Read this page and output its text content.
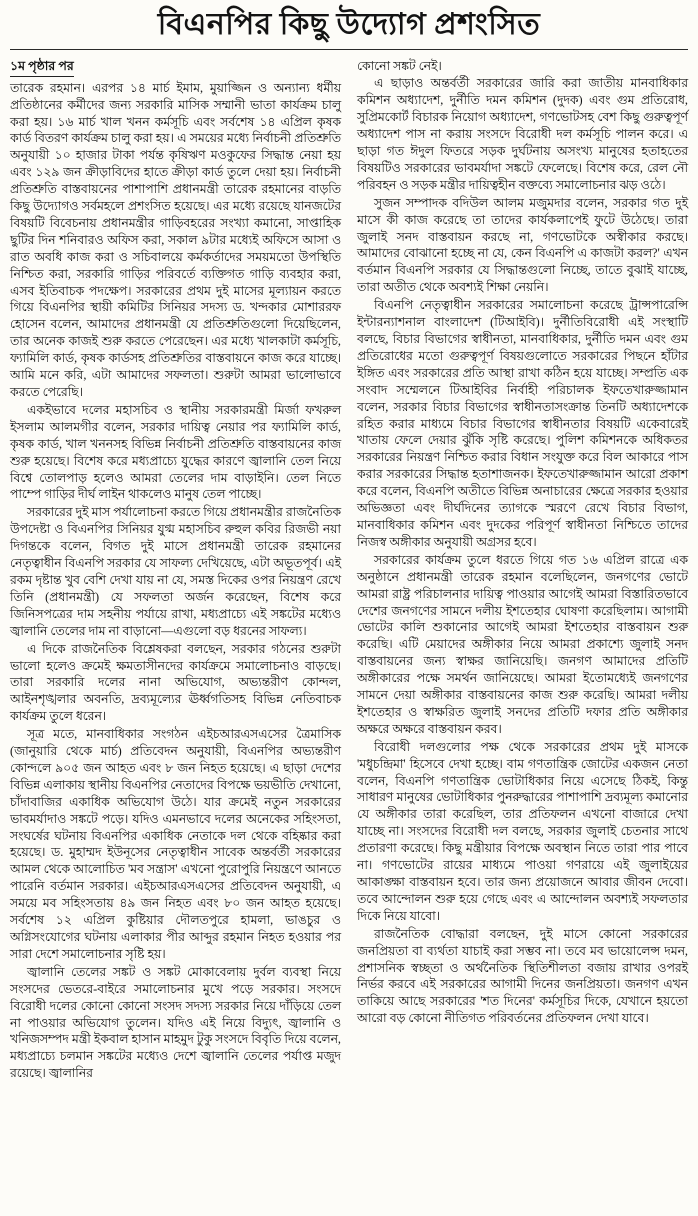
বিএনপির কিছু উদ্যোগ প্রশংসিত
১ম পৃষ্ঠার পর

তারেক রহমান। এরপর ১৪ মার্চ ইমাম, মুয়াজ্জিন ও অন্যান্য ধর্মীয় প্রতিষ্ঠানের কর্মীদের জন্য সরকারি মাসিক সম্মানী ভাতা কার্যক্রম চালু করা হয়। ১৬ মার্চ খাল খনন কর্মসূচি এবং সর্বশেষ ১৪ এপ্রিল কৃষক কার্ড বিতরণ কার্যক্রম চালু করা হয়। এ সময়ের মধ্যে নির্বাচনী প্রতিশ্রুতি অনুযায়ী ১০ হাজার টাকা পর্যন্ত কৃষিঋণ মওকুফের সিদ্ধান্ত নেয়া হয় এবং ১২৯ জন ক্রীড়াবিদের হাতে ক্রীড়া কার্ড তুলে দেয়া হয়। নির্বাচনী প্রতিশ্রুতি বাস্তবায়নের পাশাপাশি প্রধানমন্ত্রী তারেক রহমানের বাড়তি কিছু উদ্যোগও সর্বমহলে প্রশংসিত হয়েছে। এর মধ্যে রয়েছে যানজটের বিষয়টি বিবেচনায় প্রধানমন্ত্রীর গাড়িবহরের সংখ্যা কমানো, সাপ্তাহিক ছুটির দিন শনিবারও অফিস করা, সকাল ৯টার মধ্যেই অফিসে আসা ও রাত অবধি কাজ করা ও সচিবালয়ে কর্মকর্তাদের সময়মতো উপস্থিতি নিশ্চিত করা, সরকারি গাড়ির পরিবর্তে ব্যক্তিগত গাড়ি ব্যবহার করা, এসব ইতিবাচক পদক্ষেপ। সরকারের প্রথম দুই মাসের মূল্যায়ন করতে গিয়ে বিএনপির স্থায়ী কমিটির সিনিয়র সদস্য ড. খন্দকার মোশাররফ হোসেন বলেন, আমাদের প্রধানমন্ত্রী যে প্রতিশ্রুতিগুলো দিয়েছিলেন, তার অনেক কাজই শুরু করতে পেরেছেন। এর মধ্যে খালকাটা কর্মসূচি, ফ্যামিলি কার্ড, কৃষক কার্ডসহ প্রতিশ্রুতির বাস্তবায়নে কাজ করে যাচ্ছে। আমি মনে করি, এটা আমাদের সফলতা। শুরুটা আমরা ভালোভাবে করতে পেরেছি।

একইভাবে দলের মহাসচিব ও স্থানীয় সরকারমন্ত্রী মির্জা ফখরুল ইসলাম আলমগীর বলেন, সরকার দায়িত্ব নেয়ার পর ফ্যামিলি কার্ড, কৃষক কার্ড, খাল খননসহ বিভিন্ন নির্বাচনী প্রতিশ্রুতি বাস্তবায়নের কাজ শুরু হয়েছে। বিশেষ করে মধ্যপ্রাচ্যে যুদ্ধের কারণে জ্বালানি তেল নিয়ে বিশ্বে তোলপাড় হলেও আমরা তেলের দাম বাড়াইনি। তেল নিতে পাম্পে গাড়ির দীর্ঘ লাইন থাকলেও মানুষ তেল পাচ্ছে।

সরকারের দুই মাস পর্যালোচনা করতে গিয়ে প্রধানমন্ত্রীর রাজনৈতিক উপদেষ্টা ও বিএনপির সিনিয়র যুগ্ম মহাসচিব রুহুল কবির রিজভী নয়া দিগন্তকে বলেন, বিগত দুই মাসে প্রধানমন্ত্রী তারেক রহমানের নেতৃত্বাধীন বিএনপি সরকার যে সাফল্য দেখিয়েছে, এটা অভূতপূর্ব। এই রকম দৃষ্টান্ত খুব বেশি দেখা যায় না যে, সমস্ত দিকের ওপর নিয়ন্ত্রণ রেখে তিনি (প্রধানমন্ত্রী) যে সফলতা অর্জন করেছেন, বিশেষ করে জিনিসপত্রের দাম সহনীয় পর্যায়ে রাখা, মধ্যপ্রাচ্যে এই সঙ্কটের মধ্যেও জ্বালানি তেলের দাম না বাড়ানো—এগুলো বড় ধরনের সাফল্য।

এ দিকে রাজনৈতিক বিশ্লেষকরা বলছেন, সরকার গঠনের শুরুটা ভালো হলেও ক্রমেই ক্ষমতাসীনদের কার্যক্রমে সমালোচনাও বাড়ছে। তারা সরকারি দলের নানা অভিযোগ, অভ্যন্তরীণ কোন্দল, আইনশৃঙ্খলার অবনতি, দ্রব্যমূল্যের ঊর্ধ্বগতিসহ বিভিন্ন নেতিবাচক কার্যক্রম তুলে ধরেন।

সূত্র মতে, মানবাধিকার সংগঠন এইচআরএসএসের ত্রৈমাসিক (জানুয়ারি থেকে মার্চ) প্রতিবেদন অনুযায়ী, বিএনপির অভ্যন্তরীণ কোন্দলে ৯০৫ জন আহত এবং ৮ জন নিহত হয়েছে। এ ছাড়া দেশের বিভিন্ন এলাকায় স্থানীয় বিএনপির নেতাদের বিপক্ষে ভয়ভীতি দেখানো, চাঁদাবাজির একাধিক অভিযোগ উঠে। যার ক্রমেই নতুন সরকারের ভাবমর্যাদাও সঙ্কটে পড়ে। যদিও এমনভাবে দলের অনেকের সহিংসতা, সংঘর্ষের ঘটনায় বিএনপির একাধিক নেতাকে দল থেকে বহিষ্কার করা হয়েছে। ড. মুহাম্মদ ইউনূসের নেতৃত্বাধীন সাবেক অন্তর্বর্তী সরকারের আমল থেকে আলোচিত 'মব সন্ত্রাস' এখনো পুরোপুরি নিয়ন্ত্রণে আনতে পারেনি বর্তমান সরকার। এইচআরএসএসের প্রতিবেদন অনুযায়ী, এ সময়ে মব সহিংসতায় ৪৯ জন নিহত এবং ৮০ জন আহত হয়েছে। সর্বশেষ ১২ এপ্রিল কুষ্টিয়ার দৌলতপুরে হামলা, ভাঙচুর ও অগ্নিসংযোগের ঘটনায় এলাকার পীর আব্দুর রহমান নিহত হওয়ার পর সারা দেশে সমালোচনার সৃষ্টি হয়।

জ্বালানি তেলের সঙ্কট ও সঙ্কট মোকাবেলায় দুর্বল ব্যবস্থা নিয়ে সংসদের ভেতরে-বাইরে সমালোচনার মুখে পড়ে সরকার। সংসদে বিরোধী দলের কোনো কোনো সংসদ সদস্য সরকার নিয়ে দাঁড়িয়ে তেল না পাওয়ার অভিযোগ তুলেন। যদিও এই নিয়ে বিদ্যুৎ, জ্বালানি ও খনিজসম্পদ মন্ত্রী ইকবাল হাসান মাহমুদ টুকু সংসদে বিবৃতি দিয়ে বলেন, মধ্যপ্রাচ্যে চলমান সঙ্কটের মধ্যেও দেশে জ্বালানি তেলের পর্যাপ্ত মজুদ রয়েছে। জ্বালানির

কোনো সঙ্কট নেই।

এ ছাড়াও অন্তর্বর্তী সরকারের জারি করা জাতীয় মানবাধিকার কমিশন অধ্যাদেশ, দুর্নীতি দমন কমিশন (দুদক) এবং গুম প্রতিরোধ, সুপ্রিমকোর্ট বিচারক নিয়োগ অধ্যাদেশ, গণভোটসহ বেশ কিছু গুরুত্বপূর্ণ অধ্যাদেশ পাস না করায় সংসদে বিরোধী দল কর্মসূচি পালন করে। এ ছাড়া গত ঈদুল ফিতরে সড়ক দুর্ঘটনায় অসংখ্য মানুষের হতাহতের বিষয়টিও সরকারের ভাবমর্যাদা সঙ্কটে ফেলেছে। বিশেষ করে, রেল নৌ পরিবহন ও সড়ক মন্ত্রীর দায়িত্বহীন বক্তব্যে সমালোচনার ঝড় ওঠে।

সুজন সম্পাদক বদিউল আলম মজুমদার বলেন, সরকার গত দুই মাসে কী কাজ করেছে তা তাদের কার্যকলাপেই ফুটে উঠেছে। তারা জুলাই সনদ বাস্তবায়ন করছে না, গণভোটকে অস্বীকার করছে। আমাদের বোঝানো হচ্ছে না যে, কেন বিএনপি এ কাজটা করল?' এখন বর্তমান বিএনপি সরকার যে সিদ্ধান্তগুলো নিচ্ছে, তাতে বুঝাই যাচ্ছে, তারা অতীত থেকে অবশ্যই শিক্ষা নেয়নি।

বিএনপি নেতৃত্বাধীন সরকারের সমালোচনা করেছে ট্রান্সপারেন্সি ইন্টারন্যাশনাল বাংলাদেশ (টিআইবি)। দুর্নীতিবিরোধী এই সংস্থাটি বলছে, বিচার বিভাগের স্বাধীনতা, মানবাধিকার, দুর্নীতি দমন এবং গুম প্রতিরোধের মতো গুরুত্বপূর্ণ বিষয়গুলোতে সরকারের পিছনে হাঁটার ইঙ্গিত এবং সরকারের প্রতি আস্থা রাখা কঠিন হয়ে যাচ্ছে। সম্প্রতি এক সংবাদ সম্মেলনে টিআইবির নির্বাহী পরিচালক ইফতেখারুজ্জামান বলেন, সরকার বিচার বিভাগের স্বাধীনতাসংক্রান্ত তিনটি অধ্যাদেশকে রহিত করার মাধ্যমে বিচার বিভাগের স্বাধীনতার বিষয়টি একেবারেই খাতায় ফেলে দেয়ার ঝুঁকি সৃষ্টি করেছে। পুলিশ কমিশনকে অধিকতর সরকারের নিয়ন্ত্রণ নিশ্চিত করার বিধান সংযুক্ত করে বিল আকারে পাস করার সরকারের সিদ্ধান্ত হতাশাজনক। ইফতেখারুজ্জামান আরো প্রকাশ করে বলেন, বিএনপি অতীতে বিভিন্ন অনাচারের ক্ষেত্রে সরকার হওয়ার অভিজ্ঞতা এবং দীর্ঘদিনের ত্যাগকে স্মরণে রেখে বিচার বিভাগ, মানবাধিকার কমিশন এবং দুদকের পরিপূর্ণ স্বাধীনতা নিশ্চিতে তাদের নিজস্ব অঙ্গীকার অনুযায়ী অগ্রসর হবে।

সরকারের কার্যক্রম তুলে ধরতে গিয়ে গত ১৬ এপ্রিল রাত্রে এক অনুষ্ঠানে প্রধানমন্ত্রী তারেক রহমান বলেছিলেন, জনগণের ভোটে আমরা রাষ্ট্র পরিচালনার দায়িত্ব পাওয়ার আগেই আমরা বিস্তারিতভাবে দেশের জনগণের সামনে দলীয় ইশতেহার ঘোষণা করেছিলাম। আগামী ভোটের কালি শুকানোর আগেই আমরা ইশতেহার বাস্তবায়ন শুরু করেছি। এটি মেয়াদের অঙ্গীকার নিয়ে আমরা প্রকাশ্যে জুলাই সনদ বাস্তবায়নের জন্য স্বাক্ষর জানিয়েছি। জনগণ আমাদের প্রতিটি অঙ্গীকারের পক্ষে সমর্থন জানিয়েছে। আমরা ইতোমধ্যেই জনগণের সামনে দেয়া অঙ্গীকার বাস্তবায়নের কাজ শুরু করেছি। আমরা দলীয় ইশতেহার ও স্বাক্ষরিত জুলাই সনদের প্রতিটি দফার প্রতি অঙ্গীকার অক্ষরে অক্ষরে বাস্তবায়ন করব।

বিরোধী দলগুলোর পক্ষ থেকে সরকারের প্রথম দুই মাসকে 'মধুচন্দ্রিমা' হিসেবে দেখা হচ্ছে। বাম গণতান্ত্রিক জোটের একজন নেতা বলেন, বিএনপি গণতান্ত্রিক ভোটাধিকার নিয়ে এসেছে ঠিকই, কিন্তু সাধারণ মানুষের ভোটাধিকার পুনরুদ্ধারের পাশাপাশি দ্রব্যমূল্য কমানোর যে অঙ্গীকার তারা করেছিল, তার প্রতিফলন এখনো বাজারে দেখা যাচ্ছে না। সংসদের বিরোধী দল বলছে, সরকার জুলাই চেতনার সাথে প্রতারণা করেছে। কিছু মন্ত্রীয়ার বিপক্ষে অবস্থান নিতে তারা পার পাবে না। গণভোটের রায়ের মাধ্যমে পাওয়া গণরায়ে এই জুলাইয়ের আকাঙ্ক্ষা বাস্তবায়ন হবে। তার জন্য প্রয়োজনে আবার জীবন দেবো। তবে আন্দোলন শুরু হয়ে গেছে এবং এ আন্দোলন অবশ্যই সফলতার দিকে নিয়ে যাবো।

রাজনৈতিক বোদ্ধারা বলছেন, দুই মাসে কোনো সরকারের জনপ্রিয়তা বা ব্যর্থতা যাচাই করা সম্ভব না। তবে মব ভায়োলেন্স দমন, প্রশাসনিক স্বচ্ছতা ও অর্থনৈতিক স্থিতিশীলতা বজায় রাখার ওপরই নির্ভর করবে এই সরকারের আগামী দিনের জনপ্রিয়তা। জনগণ এখন তাকিয়ে আছে সরকারের 'শত দিনের' কর্মসূচির দিকে, যেখানে হয়তো আরো বড় কোনো নীতিগত পরিবর্তনের প্রতিফলন দেখা যাবে।
